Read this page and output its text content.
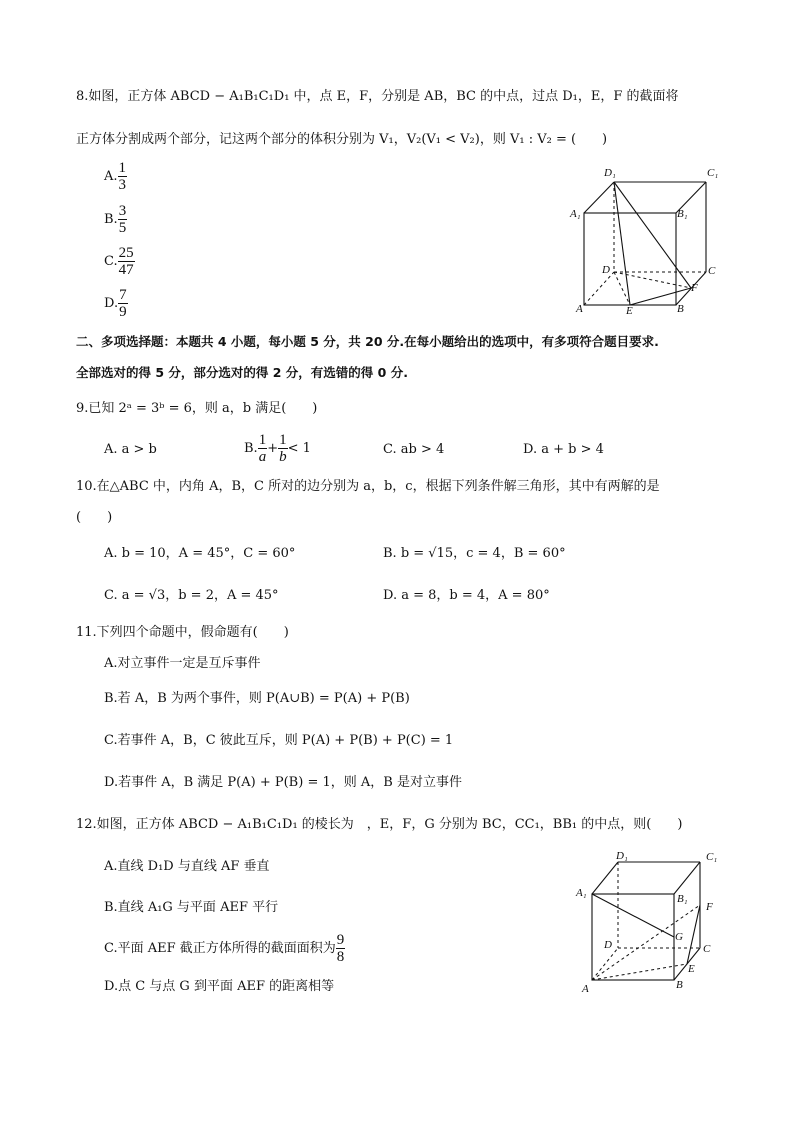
8.如图，正方体 ABCD − A₁B₁C₁D₁ 中，点 E，F，分别是 AB，BC 的中点，过点 D₁，E，F 的截面将
正方体分割成两个部分，记这两个部分的体积分别为 V₁，V₂(V₁ < V₂)，则 V₁ : V₂ = (　　)
A. $\frac{1}{3}$
B. $\frac{3}{5}$
C. $\frac{25}{47}$
D. $\frac{7}{9}$
D₁	C₁
A₁	B₁
D	C
F
A	E	B
二、多项选择题：本题共 4 小题，每小题 5 分，共 20 分.在每小题给出的选项中，有多项符合题目要求.
全部选对的得 5 分，部分选对的得 2 分，有选错的得 0 分.
9.已知 2ᵃ = 3ᵇ = 6，则 a，b 满足(　　)
A. a > b	B. $\frac{1}{a} + \frac{1}{b} < 1$	C. ab > 4	D. a + b > 4
10.在△ABC 中，内角 A，B，C 所对的边分别为 a，b，c，根据下列条件解三角形，其中有两解的是
(　　)
A. b = 10，A = 45°，C = 60°	B. b = √15，c = 4，B = 60°
C. a = √3，b = 2，A = 45°	D. a = 8，b = 4，A = 80°
11.下列四个命题中，假命题有(　　)
A.对立事件一定是互斥事件
B.若 A，B 为两个事件，则 P(A∪B) = P(A) + P(B)
C.若事件 A，B，C 彼此互斥，则 P(A) + P(B) + P(C) = 1
D.若事件 A，B 满足 P(A) + P(B) = 1，则 A，B 是对立事件
12.如图，正方体 ABCD − A₁B₁C₁D₁ 的棱长为　，E，F，G 分别为 BC，CC₁，BB₁ 的中点，则(　　)
A.直线 D₁D 与直线 AF 垂直
B.直线 A₁G 与平面 AEF 平行
C.平面 AEF 截正方体所得的截面面积为 $\frac{9}{8}$
D.点 C 与点 G 到平面 AEF 的距离相等
D₁	C₁
A₁	B₁
F
G
D	C
E
A	B
